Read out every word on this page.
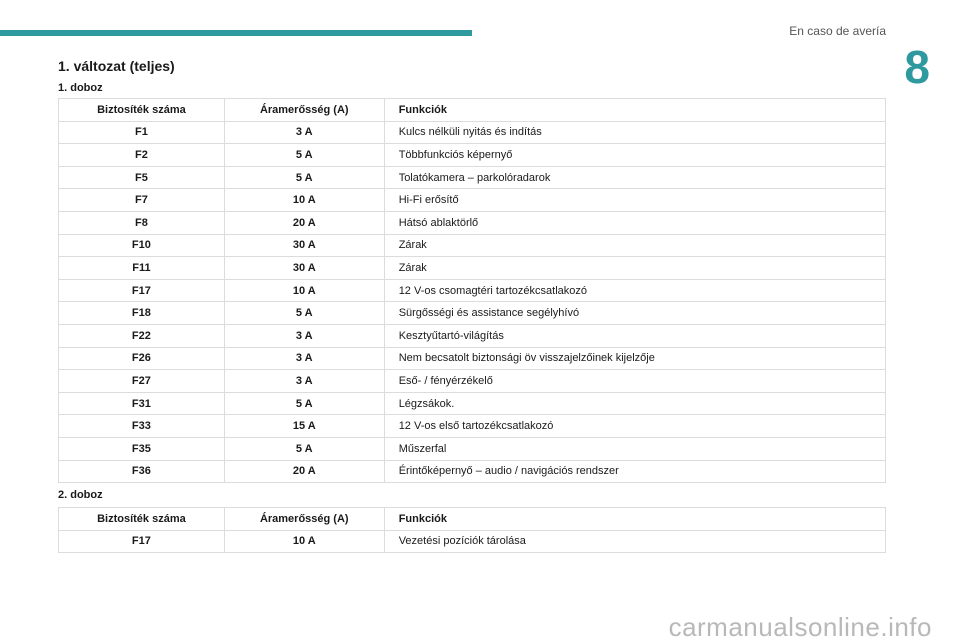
En caso de avería
8
1. változat (teljes)
1. doboz
Biztosíték száma	Áramerősség (A)	Funkciók
F1	3 A	Kulcs nélküli nyitás és indítás
F2	5 A	Többfunkciós képernyő
F5	5 A	Tolatókamera – parkolóradarok
F7	10 A	Hi-Fi erősítő
F8	20 A	Hátsó ablaktörlő
F10	30 A	Zárak
F11	30 A	Zárak
F17	10 A	12 V-os csomagtéri tartozékcsatlakozó
F18	5 A	Sürgősségi és assistance segélyhívó
F22	3 A	Kesztyűtartó-világítás
F26	3 A	Nem becsatolt biztonsági öv visszajelzőinek kijelzője
F27	3 A	Eső- / fényérzékelő
F31	5 A	Légzsákok.
F33	15 A	12 V-os első tartozékcsatlakozó
F35	5 A	Műszerfal
F36	20 A	Érintőképernyő – audio / navigációs rendszer
2. doboz
Biztosíték száma	Áramerősség (A)	Funkciók
F17	10 A	Vezetési pozíciók tárolása
carmanualsonline.info
